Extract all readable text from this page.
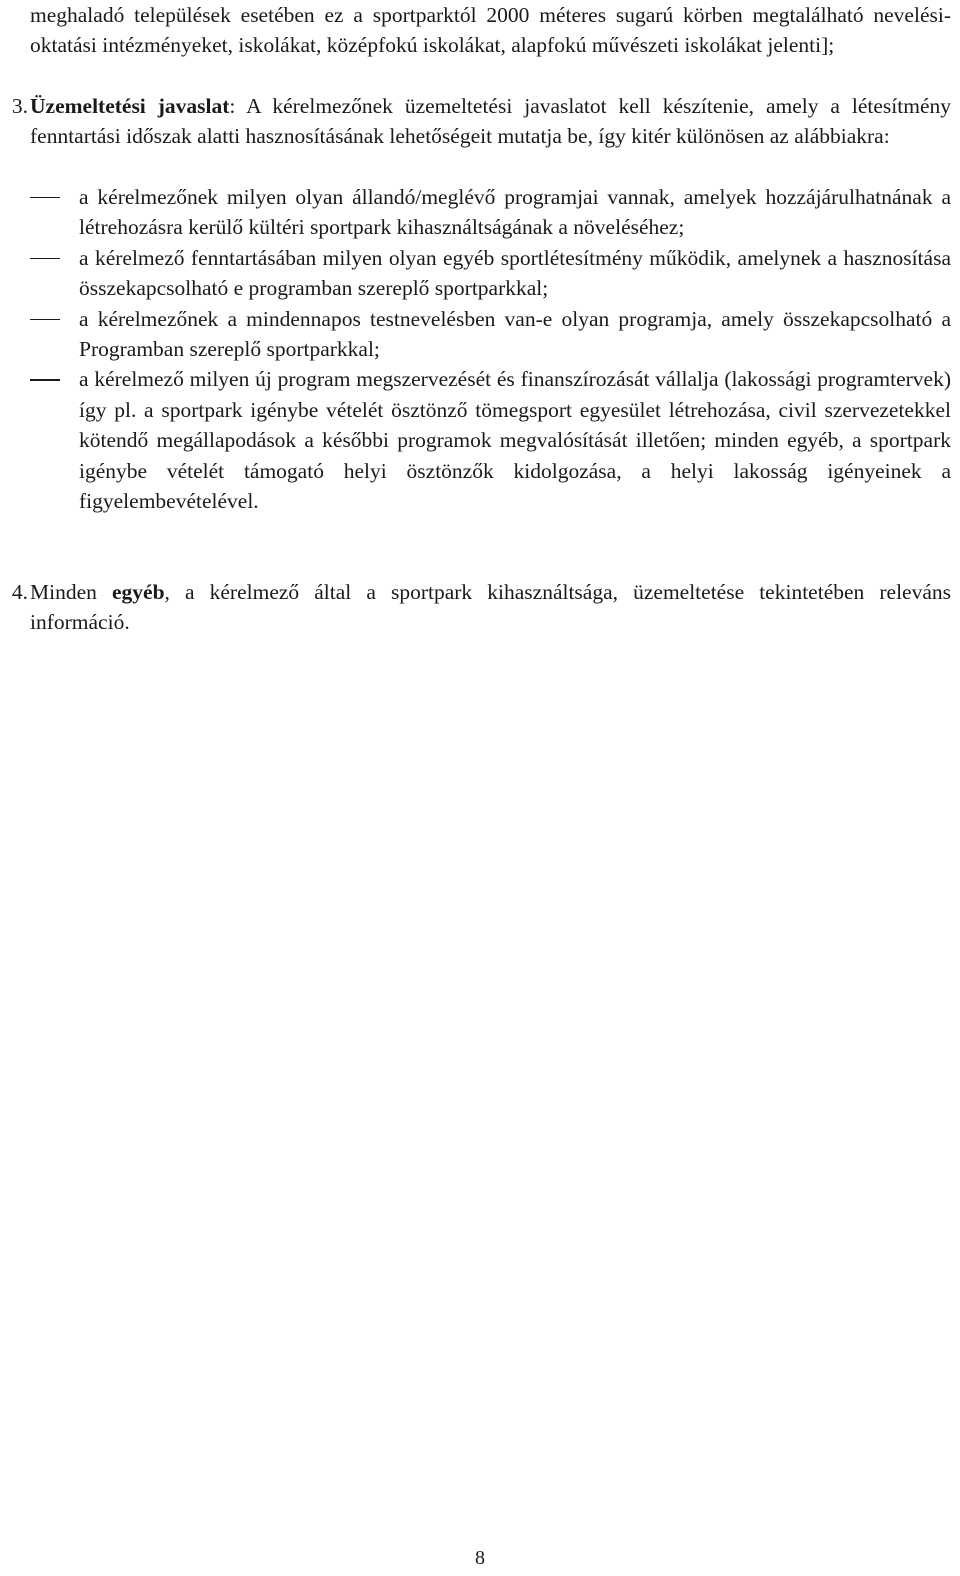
meghaladó települések esetében ez a sportparktól 2000 méteres sugarú körben megtalálható nevelési-oktatási intézményeket, iskolákat, középfokú iskolákat, alapfokú művészeti iskolákat jelenti];

3. Üzemeltetési javaslat: A kérelmezőnek üzemeltetési javaslatot kell készítenie, amely a létesítmény fenntartási időszak alatti hasznosításának lehetőségeit mutatja be, így kitér különösen az alábbiakra:

a kérelmezőnek milyen olyan állandó/meglévő programjai vannak, amelyek hozzájárulhatnának a létrehozásra kerülő kültéri sportpark kihasználtságának a növeléséhez;
a kérelmező fenntartásában milyen olyan egyéb sportlétesítmény működik, amelynek a hasznosítása összekapcsolható e programban szereplő sportparkkal;
a kérelmezőnek a mindennapos testnevelésben van-e olyan programja, amely összekapcsolható a Programban szereplő sportparkkal;
a kérelmező milyen új program megszervezését és finanszírozását vállalja (lakossági programtervek) így pl. a sportpark igénybe vételét ösztönző tömegsport egyesület létrehozása, civil szervezetekkel kötendő megállapodások a későbbi programok megvalósítását illetően; minden egyéb, a sportpark igénybe vételét támogató helyi ösztönzők kidolgozása, a helyi lakosság igényeinek a figyelembevételével.

4. Minden egyéb, a kérelmező által a sportpark kihasználtsága, üzemeltetése tekintetében releváns információ.

8
